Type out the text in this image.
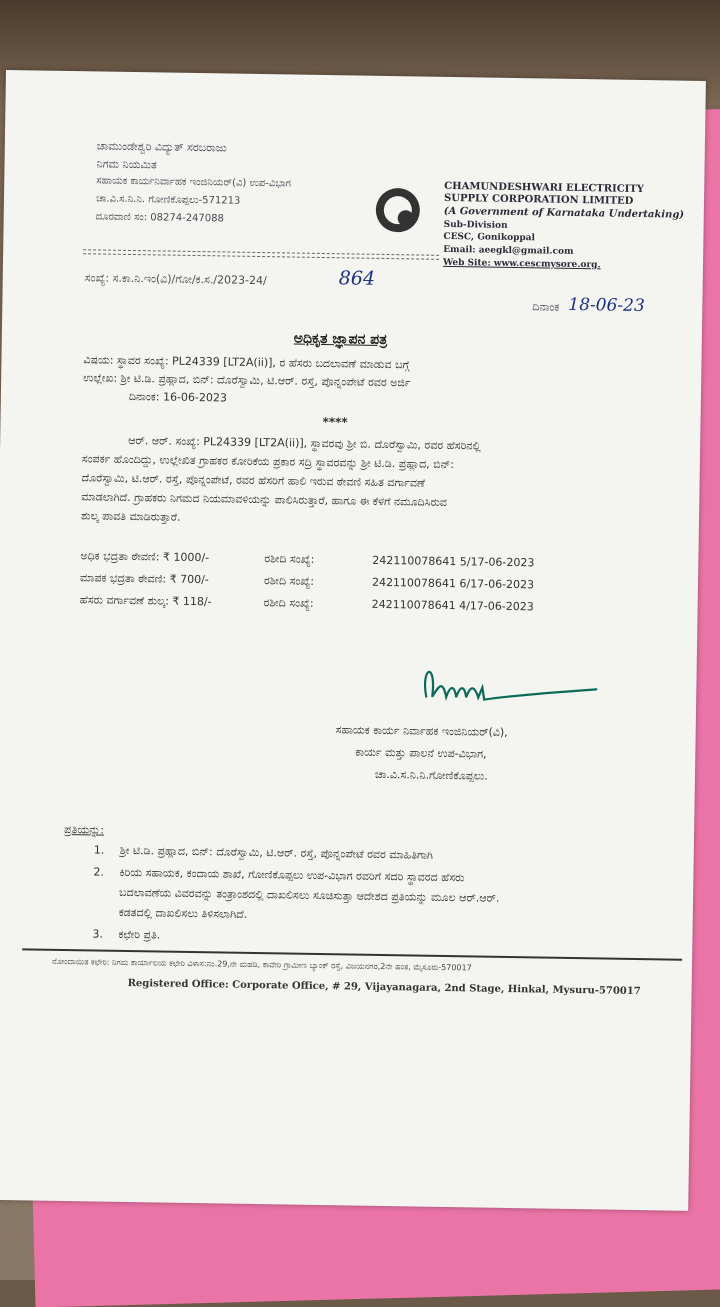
ಚಾಮುಂಡೇಶ್ವರಿ ವಿದ್ಯುತ್ ಸರಬರಾಜು
ನಿಗಮ ನಿಯಮಿತ
ಸಹಾಯಕ ಕಾರ್ಯನಿರ್ವಾಹಕ ಇಂಜಿನಿಯರ್(ವಿ) ಉಪ-ವಿಭಾಗ
ಚಾ.ವಿ.ಸ.ನಿ.ನಿ. ಗೋಣಿಕೊಪ್ಪಲು-571213
ದೂರವಾಣಿ ಸಂ: 08274-247088
CHAMUNDESHWARI ELECTRICITY
SUPPLY CORPORATION LIMITED
(A Government of Karnataka Undertaking)
Sub-Division
CESC, Gonikoppal
Email: aeegkl@gmail.com
Web Site: www.cescmysore.org.
ಸಂಖ್ಯೆ: ಸ.ಕಾ.ನಿ.ಇಂ(ವಿ)/ಗೋ/ಕ.ಸ./2023-24/	864
ದಿನಾಂಕ 18-06-23
ಅಧಿಕೃತ ಜ್ಞಾಪನ ಪತ್ರ
ವಿಷಯ: ಸ್ಥಾವರ ಸಂಖ್ಯೆ: PL24339 [LT2A(ii)], ರ ಹೆಸರು ಬದಲಾವಣೆ ಮಾಡುವ ಬಗ್ಗೆ
ಉಲ್ಲೇಖ: ಶ್ರೀ ಟಿ.ಡಿ. ಪ್ರಹ್ಲಾದ, ಬಿನ್: ದೊರೆಸ್ವಾಮಿ, ಟಿ.ಆರ್. ರಸ್ತೆ, ಪೊನ್ನಂಪೇಟೆ ರವರ ಅರ್ಜಿ
ದಿನಾಂಕ: 16-06-2023
****
ಆರ್. ಆರ್. ಸಂಖ್ಯೆ: PL24339 [LT2A(ii)], ಸ್ಥಾವರವು ಶ್ರೀ ಬಿ. ದೊರೆಸ್ವಾಮಿ, ರವರ ಹೆಸರಿನಲ್ಲಿ
ಸಂಪರ್ಕ ಹೊಂದಿದ್ದು, ಉಲ್ಲೇಖಿತ ಗ್ರಾಹಕರ ಕೋರಿಕೆಯ ಪ್ರಕಾರ ಸದ್ರಿ ಸ್ಥಾವರವನ್ನು ಶ್ರೀ ಟಿ.ಡಿ. ಪ್ರಹ್ಲಾದ, ಬಿನ್:
ದೊರೆಸ್ವಾಮಿ, ಟಿ.ಆರ್. ರಸ್ತೆ, ಪೊನ್ನಂಪೇಟೆ, ರವರ ಹೆಸರಿಗೆ ಹಾಲಿ ಇರುವ ಠೇವಣಿ ಸಹಿತ ವರ್ಗಾವಣೆ
ಮಾಡಲಾಗಿದೆ. ಗ್ರಾಹಕರು ನಿಗಮದ ನಿಯಮಾವಳಿಯನ್ನು ಪಾಲಿಸಿರುತ್ತಾರೆ, ಹಾಗೂ ಈ ಕೆಳಗೆ ನಮೂದಿಸಿರುವ
ಶುಲ್ಕ ಪಾವತಿ ಮಾಡಿರುತ್ತಾರೆ.
ಅಧಿಕ ಭದ್ರತಾ ಠೇವಣಿ: ₹ 1000/-	ರಶೀದಿ ಸಂಖ್ಯೆ:	242110078641 5/17-06-2023
ಮಾಪಕ ಭದ್ರತಾ ಠೇವಣಿ: ₹ 700/-	ರಶೀದಿ ಸಂಖ್ಯೆ:	242110078641 6/17-06-2023
ಹೆಸರು ವರ್ಗಾವಣೆ ಶುಲ್ಕ: ₹ 118/-	ರಶೀದಿ ಸಂಖ್ಯೆ:	242110078641 4/17-06-2023
ಸಹಾಯಕ ಕಾರ್ಯ ನಿರ್ವಾಹಕ ಇಂಜಿನಿಯರ್(ವಿ),
ಕಾರ್ಯ ಮತ್ತು ಪಾಲನೆ ಉಪ-ವಿಭಾಗ,
ಚಾ.ವಿ.ಸ.ನಿ.ನಿ.ಗೋಣಿಕೊಪ್ಪಲು.
ಪ್ರತಿಯನ್ನು:
1. ಶ್ರೀ ಟಿ.ಡಿ. ಪ್ರಹ್ಲಾದ, ಬಿನ್: ದೊರೆಸ್ವಾಮಿ, ಟಿ.ಆರ್. ರಸ್ತೆ, ಪೊನ್ನಂಪೇಟೆ ರವರ ಮಾಹಿತಿಗಾಗಿ
2. ಕಿರಿಯ ಸಹಾಯಕ, ಕಂದಾಯ ಶಾಖೆ, ಗೋಣಿಕೊಪ್ಪಲು ಉಪ-ವಿಭಾಗ ರವರಿಗೆ ಸದರಿ ಸ್ಥಾವರದ ಹೆಸರು
ಬದಲಾವಣೆಯ ವಿವರವನ್ನು ತಂತ್ರಾಂಶದಲ್ಲಿ ದಾಖಲಿಸಲು ಸೂಚಿಸುತ್ತಾ ಆದೇಶದ ಪ್ರತಿಯನ್ನು ಮೂಲ ಆರ್.ಆರ್.
ಕಡತದಲ್ಲಿ ದಾಖಲಿಸಲು ತಿಳಿಸಲಾಗಿದೆ.
3. ಕಛೇರಿ ಪ್ರತಿ.
ನೋಂದಾಯಿತ ಕಛೇರಿ: ನಿಗಮ ಕಾರ್ಯಾಲಯ ಕಛೇರಿ ವಿಳಾಸ:ನಂ.29,ನೇ ಮಹಡಿ, ಕಾವೇರಿ ಗ್ರಾಮೀಣ ಬ್ಯಾಂಕ್ ರಸ್ತೆ, ವಿಜಯನಗರ,2ನೇ ಹಂತ, ಮೈಸೂರು-570017
Registered Office: Corporate Office, # 29, Vijayanagara, 2nd Stage, Hinkal, Mysuru-570017
